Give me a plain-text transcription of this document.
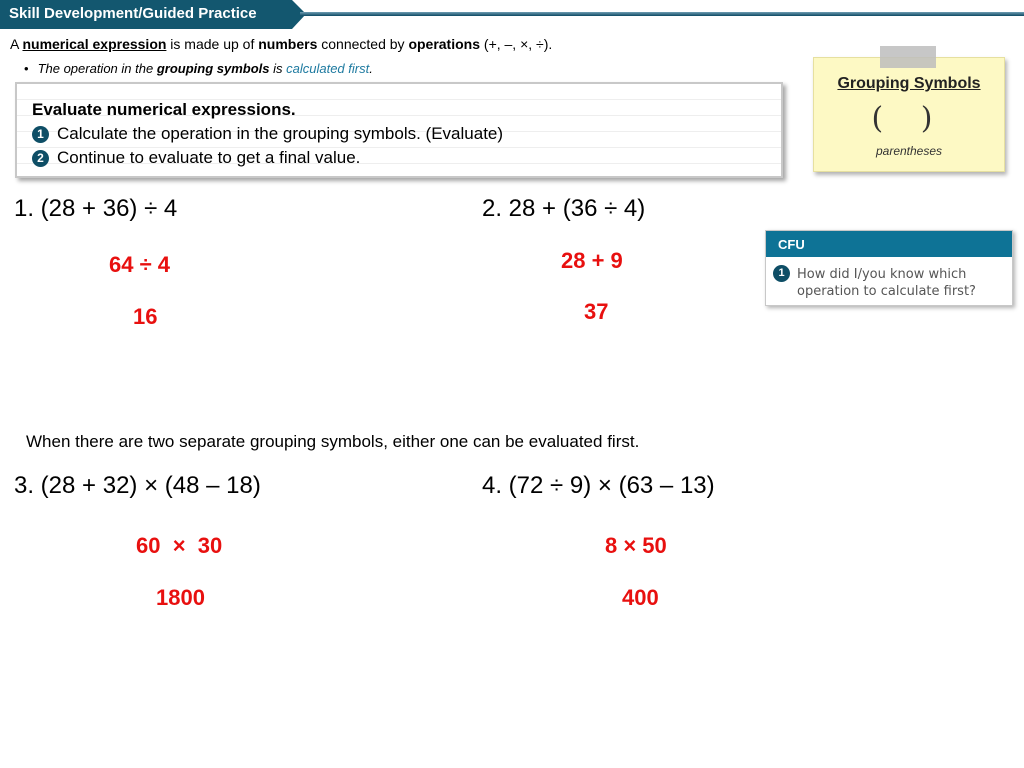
Skill Development/Guided Practice
A numerical expression is made up of numbers connected by operations (+, –, ×, ÷).
• The operation in the grouping symbols is calculated first.
Evaluate numerical expressions.
1 Calculate the operation in the grouping symbols. (Evaluate)
2 Continue to evaluate to get a final value.
Grouping Symbols
( )
parentheses
CFU
1 How did I/you know which operation to calculate first?
1. (28 + 36) ÷ 4
64 ÷ 4
16
2. 28 + (36 ÷ 4)
28 + 9
37
When there are two separate grouping symbols, either one can be evaluated first.
3. (28 + 32) × (48 – 18)
60  ×  30
1800
4. (72 ÷ 9) × (63 – 13)
8 × 50
400
